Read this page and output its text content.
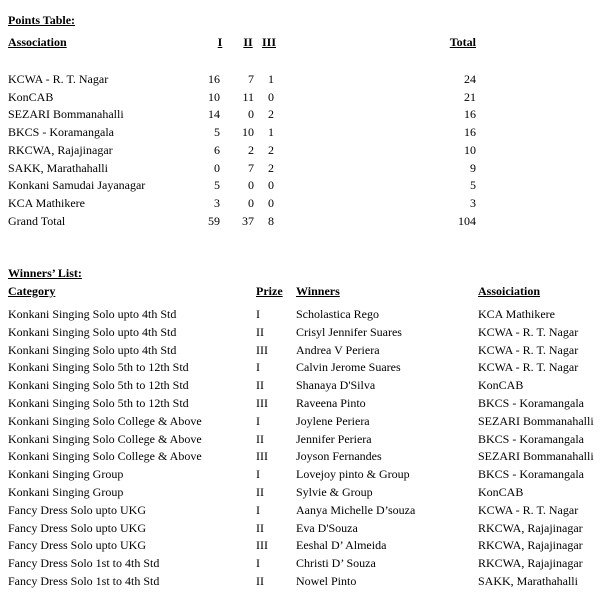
Points Table:
Association	I	II III	Total
KCWA - R. T. Nagar	16	7	1	24
KonCAB	10	11	0	21
SEZARI Bommanahalli	14	0	2	16
BKCS - Koramangala	5	10	1	16
RKCWA, Rajajinagar	6	2	2	10
SAKK, Marathahalli	0	7	2	9
Konkani Samudai Jayanagar	5	0	0	5
KCA Mathikere	3	0	0	3
Grand Total	59	37	8	104
Winners’ List:
Category	Prize Winners	Assoiciation
Konkani Singing Solo upto 4th Std	I	Scholastica Rego	KCA Mathikere
Konkani Singing Solo upto 4th Std	II	Crisyl Jennifer Suares	KCWA - R. T. Nagar
Konkani Singing Solo upto 4th Std	III Andrea V Periera	KCWA - R. T. Nagar
Konkani Singing Solo 5th to 12th Std	I	Calvin Jerome Suares	KCWA - R. T. Nagar
Konkani Singing Solo 5th to 12th Std	II	Shanaya D'Silva	KonCAB
Konkani Singing Solo 5th to 12th Std	III Raveena Pinto	BKCS - Koramangala
Konkani Singing Solo College & Above	I	Joylene Periera	SEZARI Bommanahalli
Konkani Singing Solo College & Above	II	Jennifer Periera	BKCS - Koramangala
Konkani Singing Solo College & Above	III Joyson Fernandes	SEZARI Bommanahalli
Konkani Singing Group	I	Lovejoy pinto & Group	BKCS - Koramangala
Konkani Singing Group	II	Sylvie & Group	KonCAB
Fancy Dress Solo upto UKG	I	Aanya Michelle D’souza	KCWA - R. T. Nagar
Fancy Dress Solo upto UKG	II	Eva D'Souza	RKCWA, Rajajinagar
Fancy Dress Solo upto UKG	III Eeshal D’ Almeida	RKCWA, Rajajinagar
Fancy Dress Solo 1st to 4th Std	I	Christi D’ Souza	RKCWA, Rajajinagar
Fancy Dress Solo 1st to 4th Std	II	Nowel Pinto	SAKK, Marathahalli
